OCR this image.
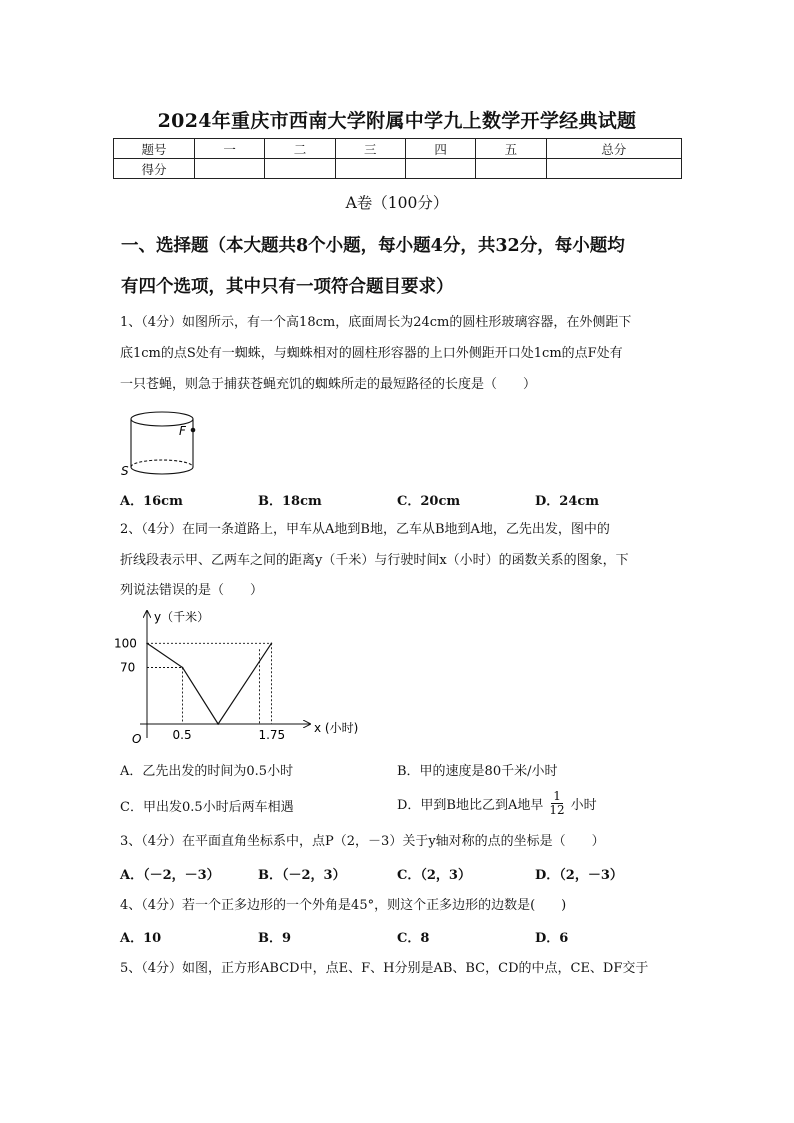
2024年重庆市西南大学附属中学九上数学开学经典试题
题号	一	二	三	四	五	总分
得分						
A卷（100分）
一、选择题（本大题共8个小题，每小题4分，共32分，每小题均
有四个选项，其中只有一项符合题目要求）
1、（4分）如图所示，有一个高18cm，底面周长为24cm的圆柱形玻璃容器，在外侧距下
底1cm的点S处有一蜘蛛，与蜘蛛相对的圆柱形容器的上口外侧距开口处1cm的点F处有
一只苍蝇，则急于捕获苍蝇充饥的蜘蛛所走的最短路径的长度是（　　）
F
S
A．16cm	B．18cm	C．20cm	D．24cm
2、（4分）在同一条道路上，甲车从A地到B地，乙车从B地到A地，乙先出发，图中的
折线段表示甲、乙两车之间的距离y（千米）与行驶时间x（小时）的函数关系的图象，下
列说法错误的是（　　）
y（千米）
x (小时)
O
70
100
0.5	1.75
A．乙先出发的时间为0.5小时	B．甲的速度是80千米/小时
C．甲出发0.5小时后两车相遇	D．甲到B地比乙到A地早 $\frac{1}{12}$ 小时
3、（4分）在平面直角坐标系中，点P（2，－3）关于y轴对称的点的坐标是（　　）
A．（－2，－3）	B．（－2，3）	C．（2，3）	D．（2，－3）
4、（4分）若一个正多边形的一个外角是45°，则这个正多边形的边数是(　　)
A．10	B．9	C．8	D．6
5、（4分）如图，正方形ABCD中，点E、F、H分别是AB、BC，CD的中点，CE、DF交于
